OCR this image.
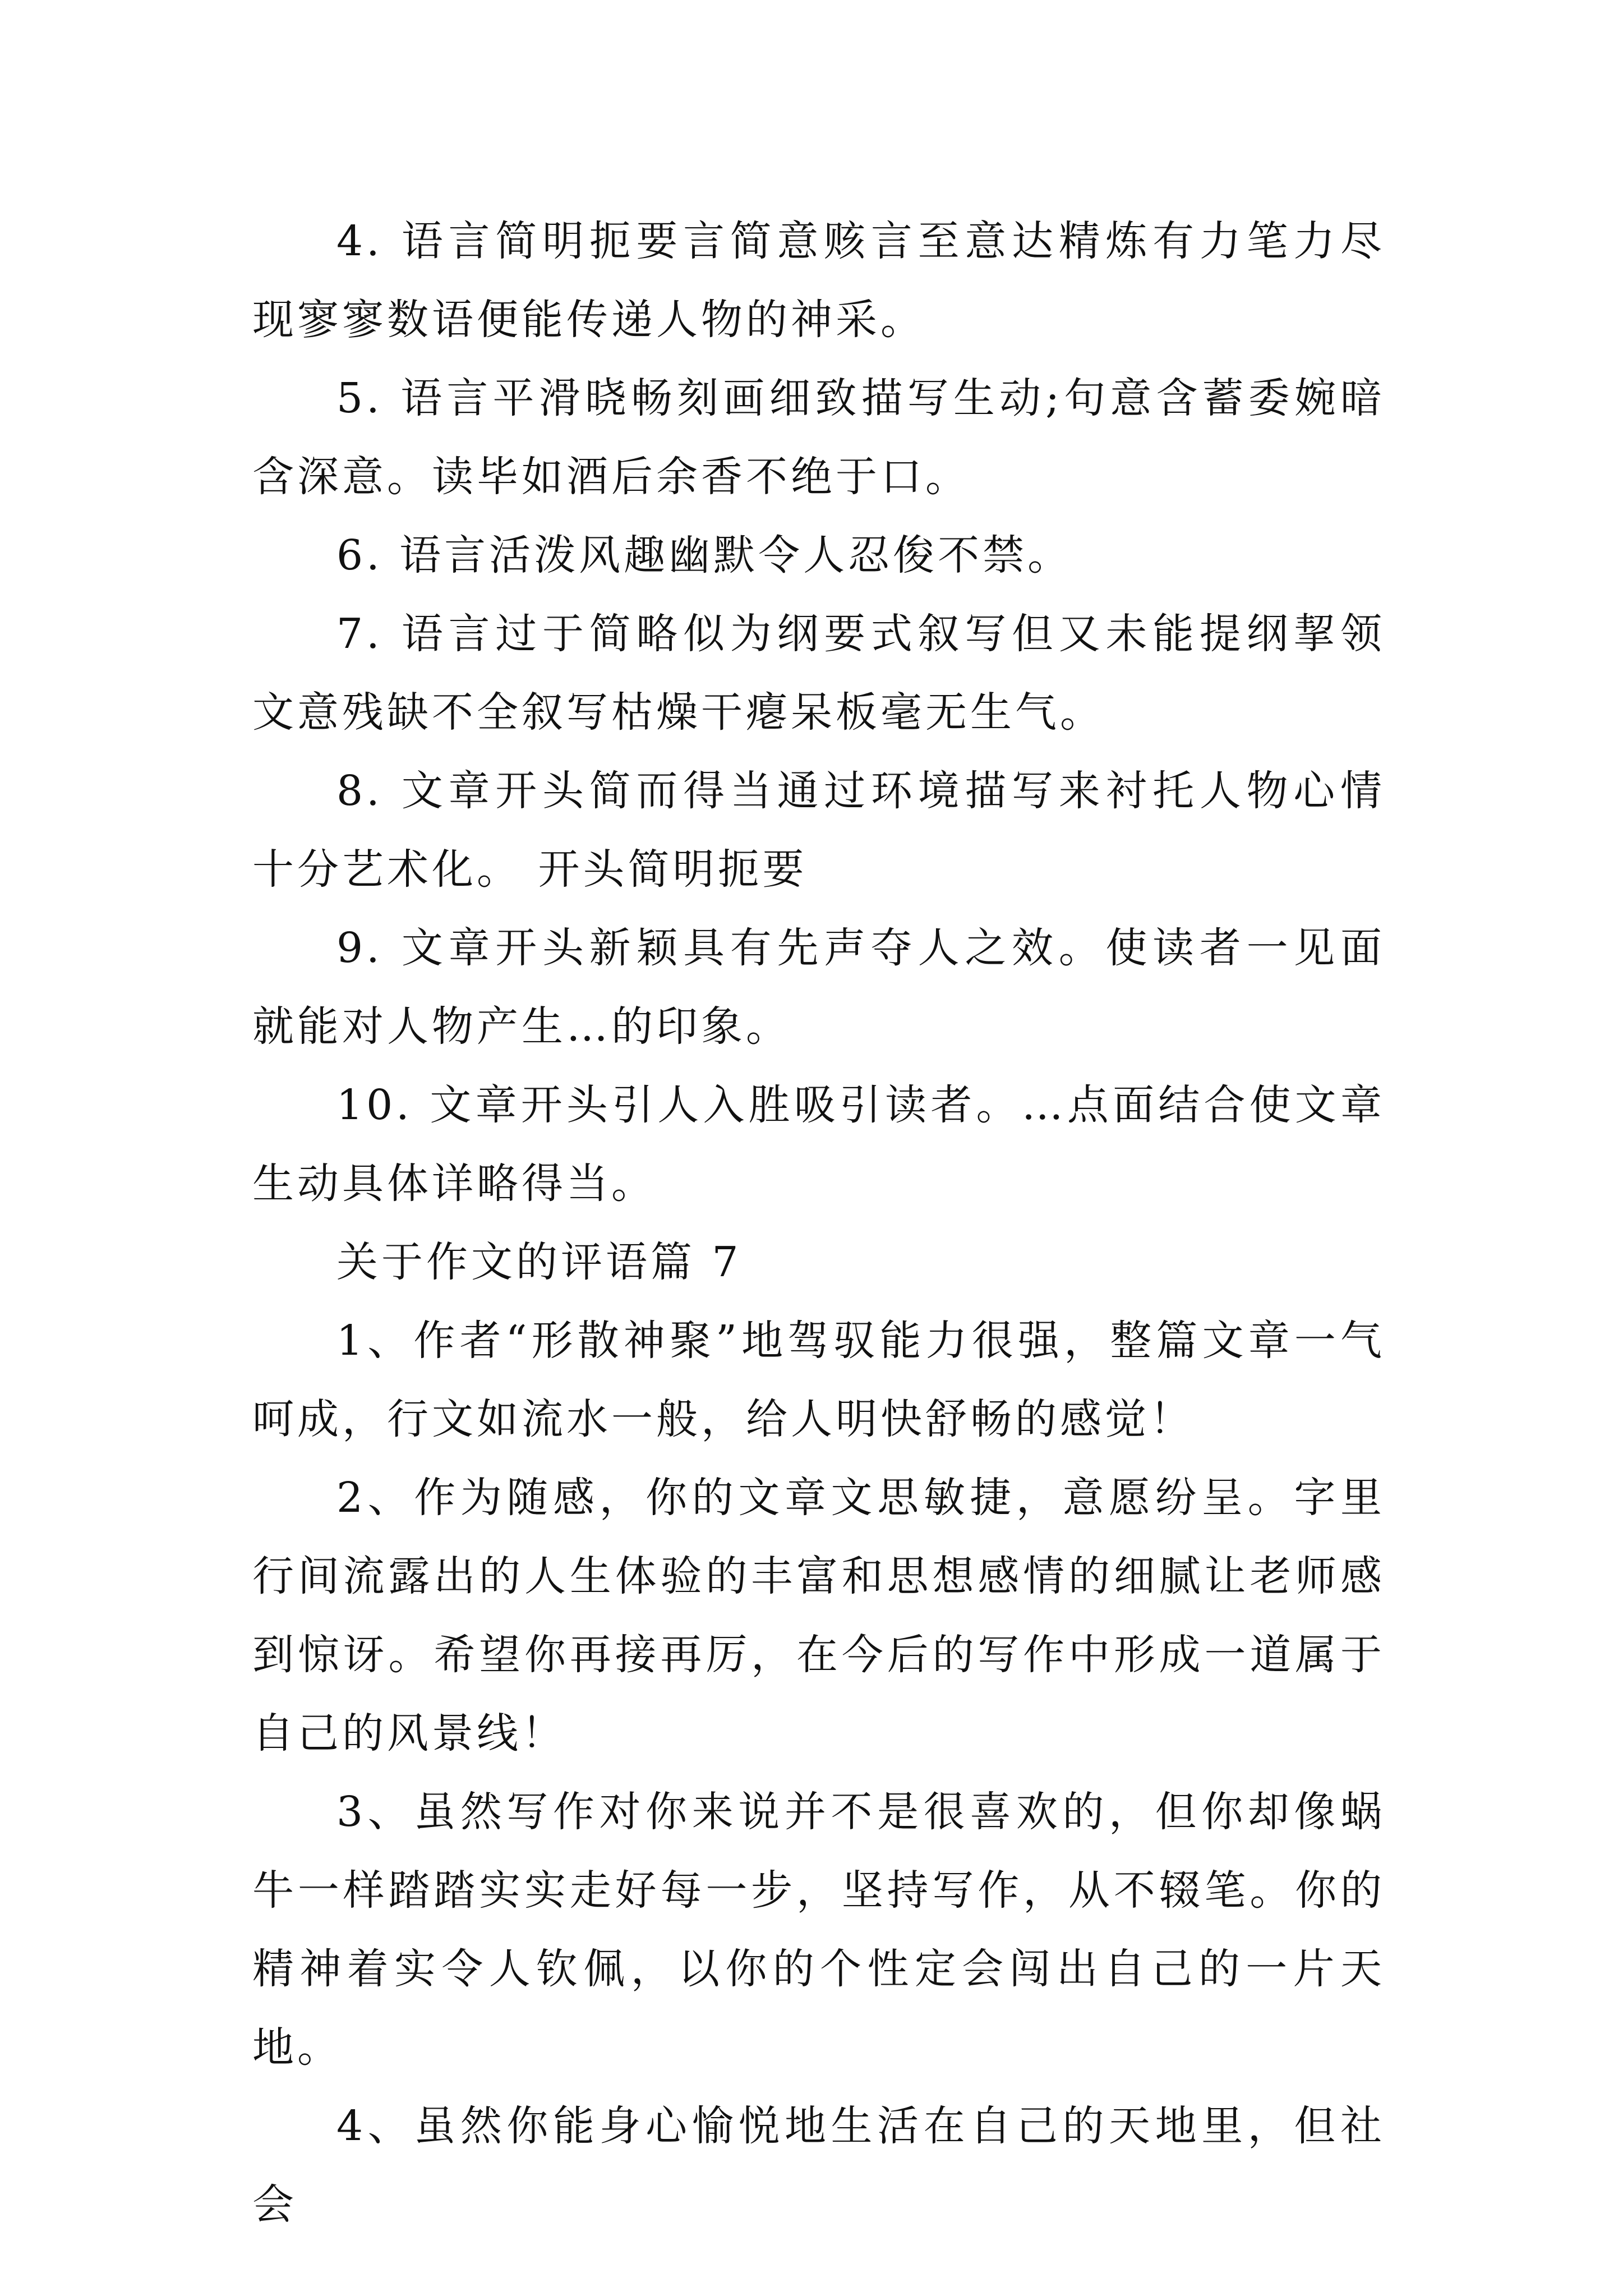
4. 语言简明扼要言简意赅言至意达精炼有力笔力尽现寥寥数语便能传递人物的神采。

5. 语言平滑晓畅刻画细致描写生动;句意含蓄委婉暗含深意。读毕如酒后余香不绝于口。

6. 语言活泼风趣幽默令人忍俊不禁。

7. 语言过于简略似为纲要式叙写但又未能提纲挈领文意残缺不全叙写枯燥干瘪呆板毫无生气。

8. 文章开头简而得当通过环境描写来衬托人物心情十分艺术化。 开头简明扼要

9. 文章开头新颖具有先声夺人之效。使读者一见面就能对人物产生…的印象。

10. 文章开头引人入胜吸引读者。…点面结合使文章生动具体详略得当。

关于作文的评语篇 7

1、作者“形散神聚”地驾驭能力很强，整篇文章一气呵成，行文如流水一般，给人明快舒畅的感觉！

2、作为随感，你的文章文思敏捷，意愿纷呈。字里行间流露出的人生体验的丰富和思想感情的细腻让老师感到惊讶。希望你再接再厉，在今后的写作中形成一道属于自己的风景线！

3、虽然写作对你来说并不是很喜欢的，但你却像蜗牛一样踏踏实实走好每一步，坚持写作，从不辍笔。你的精神着实令人钦佩，以你的个性定会闯出自己的一片天地。

4、虽然你能身心愉悦地生活在自己的天地里，但社会
